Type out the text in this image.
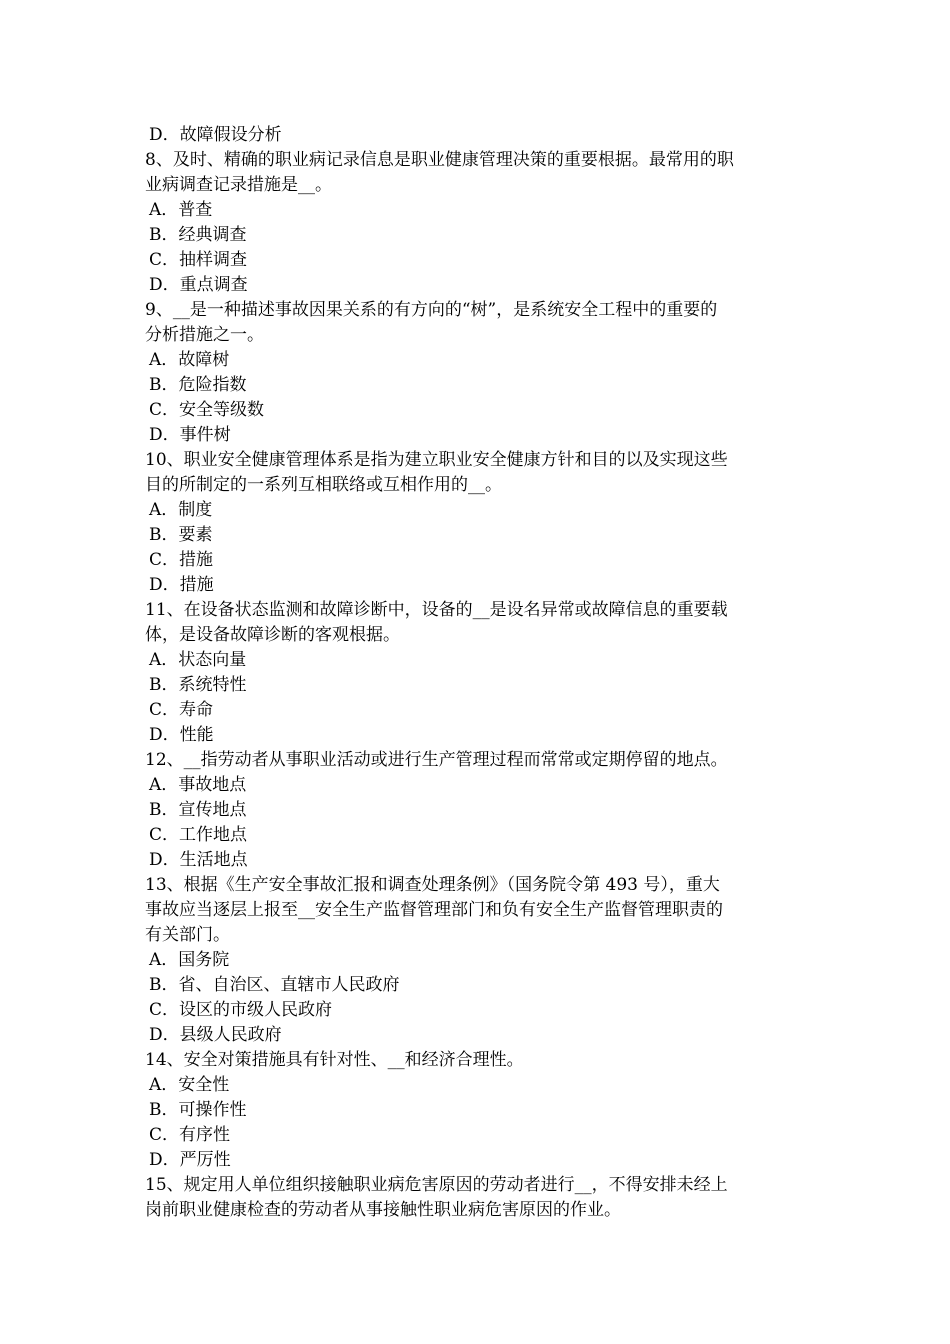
D．故障假设分析
8、及时、精确的职业病记录信息是职业健康管理决策的重要根据。最常用的职
业病调查记录措施是__。
A．普查
B．经典调查
C．抽样调查
D．重点调查
9、__是一种描述事故因果关系的有方向的“树”，是系统安全工程中的重要的
分析措施之一。
A．故障树
B．危险指数
C．安全等级数
D．事件树
10、职业安全健康管理体系是指为建立职业安全健康方针和目的以及实现这些
目的所制定的一系列互相联络或互相作用的__。
A．制度
B．要素
C．措施
D．措施
11、在设备状态监测和故障诊断中，设备的__是设名异常或故障信息的重要载
体，是设备故障诊断的客观根据。
A．状态向量
B．系统特性
C．寿命
D．性能
12、__指劳动者从事职业活动或进行生产管理过程而常常或定期停留的地点。
A．事故地点
B．宣传地点
C．工作地点
D．生活地点
13、根据《生产安全事故汇报和调查处理条例》（国务院令第 493 号），重大
事故应当逐层上报至__安全生产监督管理部门和负有安全生产监督管理职责的
有关部门。
A．国务院
B．省、自治区、直辖市人民政府
C．设区的市级人民政府
D．县级人民政府
14、安全对策措施具有针对性、__和经济合理性。
A．安全性
B．可操作性
C．有序性
D．严厉性
15、规定用人单位组织接触职业病危害原因的劳动者进行__，不得安排未经上
岗前职业健康检查的劳动者从事接触性职业病危害原因的作业。
